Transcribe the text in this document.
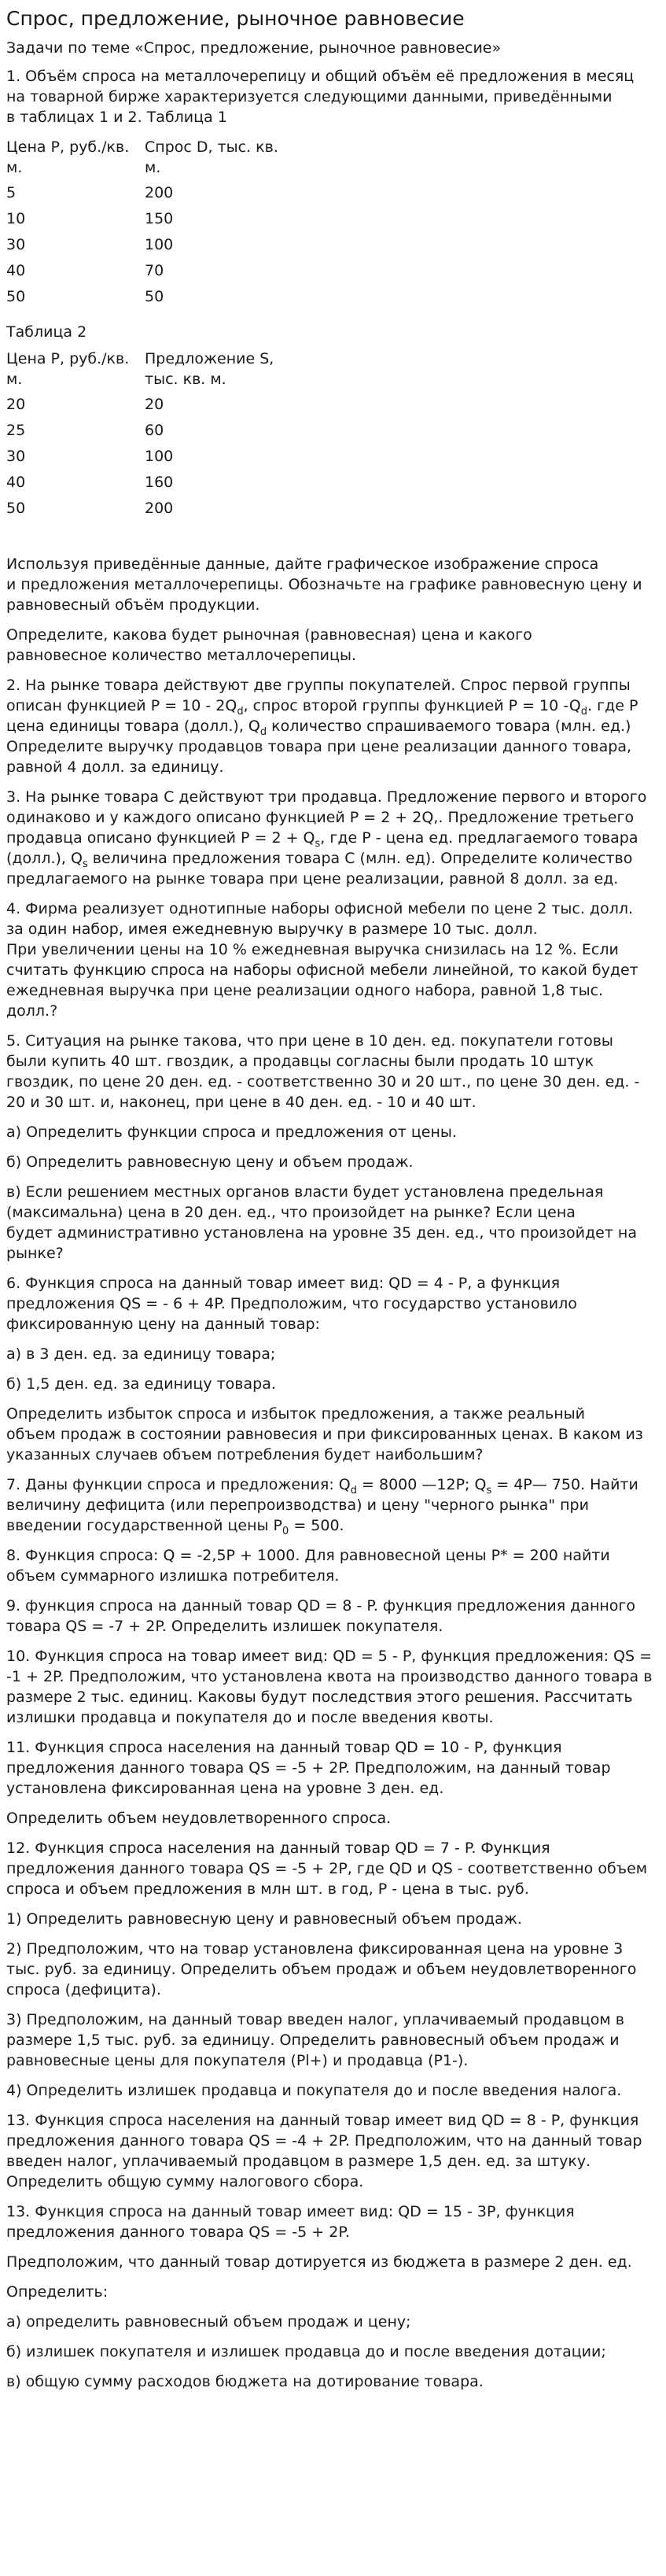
Спрос, предложение, рыночное равновесие

Задачи по теме «Спрос, предложение, рыночное равновесие»

1. Объём спроса на металлочерепицу и общий объём её предложения в месяц
на товарной бирже характеризуется следующими данными, приведёнными
в таблицах 1 и 2. Таблица 1
Цена P, руб./кв. м.	Спрос D, тыс. кв. м.
5	200
10	150
30	100
40	70
50	50
Таблица 2
Цена P, руб./кв. м.	Предложение S, тыс. кв. м.
20	20
25	60
30	100
40	160
50	200
Используя приведённые данные, дайте графическое изображение спроса
и предложения металлочерепицы. Обозначьте на графике равновесную цену и
равновесный объём продукции.
Определите, какова будет рыночная (равновесная) цена и какого
равновесное количество металлочерепицы.
2. На рынке товара действуют две группы покупателей. Спрос первой группы
описан функцией $P = 10 - 2Q_d$, спрос второй группы функцией P = 10 $-Q_d$. где P
цена единицы товара (долл.), $Q_d$ количество спрашиваемого товара (млн. ед.)
Определите выручку продавцов товара при цене реализации данного товара,
равной 4 долл. за единицу.
3. На рынке товара С действуют три продавца. Предложение первого и второго
одинаково и у каждого описано функцией P = 2 + 2Q,. Предложение третьего
продавца описано функцией $P = 2 + Q_s$, где P - цена ед. предлагаемого товара
(долл.), $Q_s$ величина предложения товара С (млн. ед). Определите количество
предлагаемого на рынке товара при цене реализации, равной 8 долл. за ед.
4. Фирма реализует однотипные наборы офисной мебели по цене 2 тыс. долл.
за один набор, имея ежедневную выручку в размере 10 тыс. долл.
При увеличении цены на 10 % ежедневная выручка снизилась на 12 %. Если
считать функцию спроса на наборы офисной мебели линейной, то какой будет
ежедневная выручка при цене реализации одного набора, равной 1,8 тыс. долл.?
5. Ситуация на рынке такова, что при цене в 10 ден. ед. покупатели готовы
были купить 40 шт. гвоздик, а продавцы согласны были продать 10 штук
гвоздик, по цене 20 ден. ед. - соответственно 30 и 20 шт., по цене 30 ден. ед. -
20 и 30 шт. и, наконец, при цене в 40 ден. ед. - 10 и 40 шт.

а) Определить функции спроса и предложения от цены.

б) Определить равновесную цену и объем продаж.

в) Если решением местных органов власти будет установлена предельная
(максимальна) цена в 20 ден. ед., что произойдет на рынке? Если цена
будет административно установлена на уровне 35 ден. ед., что произойдет на
рынке?
6. Функция спроса на данный товар имеет вид: QD = 4 - P, а функция
предложения QS = - 6 + 4P. Предположим, что государство установило
фиксированную цену на данный товар:

а) в 3 ден. ед. за единицу товара;

б) 1,5 ден. ед. за единицу товара.

Определить избыток спроса и избыток предложения, а также реальный
объем продаж в состоянии равновесия и при фиксированных ценах. В каком из
указанных случаев объем потребления будет наибольшим?
7. Даны функции спроса и предложения: $Q_d = 8000$ —12P; $Q_s$ = 4P— 750. Найти
величину дефицита (или перепроизводства) и цену "черного рынка" при
введении государственной цены $P_0 = 500$.
8. Функция спроса: Q = -2,5P + 1000. Для равновесной цены P* = 200 найти
объем суммарного излишка потребителя.
9. функция спроса на данный товар QD = 8 - P. функция предложения данного
товара QS = -7 + 2P. Определить излишек покупателя.
10. Функция спроса на товар имеет вид: QD = 5 - P, функция предложения: QS =
-1 + 2P. Предположим, что установлена квота на производство данного товара в
размере 2 тыс. единиц. Каковы будут последствия этого решения. Рассчитать
излишки продавца и покупателя до и после введения квоты.
11. Функция спроса населения на данный товар QD = 10 - P, функция
предложения данного товара QS = -5 + 2P. Предположим, на данный товар
установлена фиксированная цена на уровне 3 ден. ед.

Определить объем неудовлетворенного спроса.

12. Функция спроса населения на данный товар QD = 7 - P. Функция
предложения данного товара QS = -5 + 2P, где QD и QS - соответственно объем
спроса и объем предложения в млн шт. в год, P - цена в тыс. руб.

1) Определить равновесную цену и равновесный объем продаж.

2) Предположим, что на товар установлена фиксированная цена на уровне 3
тыс. руб. за единицу. Определить объем продаж и объем неудовлетворенного
спроса (дефицита).
3) Предположим, на данный товар введен налог, уплачиваемый продавцом в
размере 1,5 тыс. руб. за единицу. Определить равновесный объем продаж и
равновесные цены для покупателя (Pl+) и продавца (P1-).

4) Определить излишек продавца и покупателя до и после введения налога.

13. Функция спроса населения на данный товар имеет вид QD = 8 - P, функция
предложения данного товара QS = -4 + 2P. Предположим, что на данный товар
введен налог, уплачиваемый продавцом в размере 1,5 ден. ед. за штуку.
Определить общую сумму налогового сбора.
13. Функция спроса на данный товар имеет вид: QD = 15 - 3P, функция
предложения данного товара QS = -5 + 2P.

Предположим, что данный товар дотируется из бюджета в размере 2 ден. ед.

Определить:

а) определить равновесный объем продаж и цену;

б) излишек покупателя и излишек продавца до и после введения дотации;

в) общую сумму расходов бюджета на дотирование товара.
